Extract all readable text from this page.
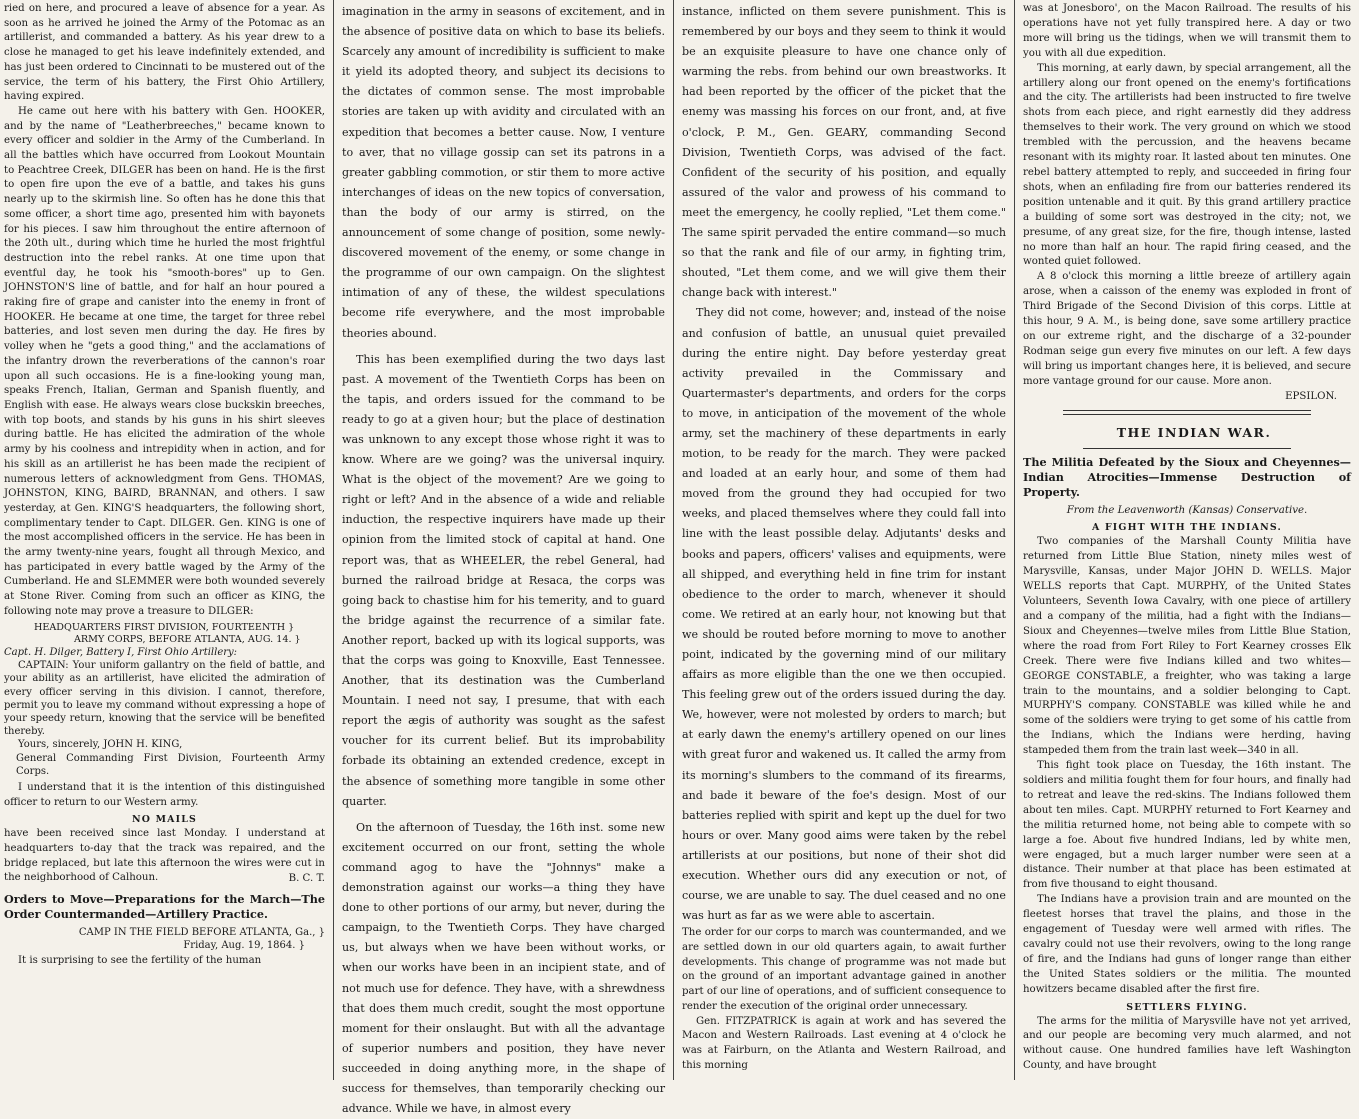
ried on here, and procured a leave of absence for a year. As soon as he arrived he joined the Army of the Potomac as an artillerist, and commanded a battery. As his year drew to a close he managed to get his leave indefinitely extended, and has just been ordered to Cincinnati to be mustered out of the service, the term of his battery, the First Ohio Artillery, having expired.

He came out here with his battery with Gen. HOOKER, and by the name of "Leatherbreeches," became known to every officer and soldier in the Army of the Cumberland. In all the battles which have occurred from Lookout Mountain to Peachtree Creek, DILGER has been on hand. He is the first to open fire upon the eve of a battle, and takes his guns nearly up to the skirmish line. So often has he done this that some officer, a short time ago, presented him with bayonets for his pieces. I saw him throughout the entire afternoon of the 20th ult., during which time he hurled the most frightful destruction into the rebel ranks. At one time upon that eventful day, he took his "smooth-bores" up to Gen. JOHNSTON'S line of battle, and for half an hour poured a raking fire of grape and canister into the enemy in front of HOOKER. He became at one time, the target for three rebel batteries, and lost seven men during the day. He fires by volley when he "gets a good thing," and the acclamations of the infantry drown the reverberations of the cannon's roar upon all such occasions. He is a fine-looking young man, speaks French, Italian, German and Spanish fluently, and English with ease. He always wears close buckskin breeches, with top boots, and stands by his guns in his shirt sleeves during battle. He has elicited the admiration of the whole army by his coolness and intrepidity when in action, and for his skill as an artillerist he has been made the recipient of numerous letters of acknowledgment from Gens. THOMAS, JOHNSTON, KING, BAIRD, BRANNAN, and others. I saw yesterday, at Gen. KING'S headquarters, the following short, complimentary tender to Capt. DILGER. Gen. KING is one of the most accomplished officers in the service. He has been in the army twenty-nine years, fought all through Mexico, and has participated in every battle waged by the Army of the Cumberland. He and SLEMMER were both wounded severely at Stone River. Coming from such an officer as KING, the following note may prove a treasure to DILGER:

HEADQUARTERS FIRST DIVISION, FOURTEENTH }

ARMY CORPS, BEFORE ATLANTA, AUG. 14. }

Capt. H. Dilger, Battery I, First Ohio Artillery:

CAPTAIN: Your uniform gallantry on the field of battle, and your ability as an artillerist, have elicited the admiration of every officer serving in this division. I cannot, therefore, permit you to leave my command without expressing a hope of your speedy return, knowing that the service will be benefited thereby.

Yours, sincerely, JOHN H. KING,

General Commanding First Division, Fourteenth Army Corps.

I understand that it is the intention of this distinguished officer to return to our Western army.

NO MAILS

have been received since last Monday. I understand at headquarters to-day that the track was repaired, and the bridge replaced, but late this afternoon the wires were cut in the neighborhood of Calhoun.	B. C. T.

Orders to Move—Preparations for the March—The Order Countermanded—Artillery Practice.

CAMP IN THE FIELD BEFORE ATLANTA, Ga., }

Friday, Aug. 19, 1864. }

It is surprising to see the fertility of the human

imagination in the army in seasons of excitement, and in the absence of positive data on which to base its beliefs. Scarcely any amount of incredibility is sufficient to make it yield its adopted theory, and subject its decisions to the dictates of common sense. The most improbable stories are taken up with avidity and circulated with an expedition that becomes a better cause. Now, I venture to aver, that no village gossip can set its patrons in a greater gabbling commotion, or stir them to more active interchanges of ideas on the new topics of conversation, than the body of our army is stirred, on the announcement of some change of position, some newly-discovered movement of the enemy, or some change in the programme of our own campaign. On the slightest intimation of any of these, the wildest speculations become rife everywhere, and the most improbable theories abound.

This has been exemplified during the two days last past. A movement of the Twentieth Corps has been on the tapis, and orders issued for the command to be ready to go at a given hour; but the place of destination was unknown to any except those whose right it was to know. Where are we going? was the universal inquiry. What is the object of the movement? Are we going to right or left? And in the absence of a wide and reliable induction, the respective inquirers have made up their opinion from the limited stock of capital at hand. One report was, that as WHEELER, the rebel General, had burned the railroad bridge at Resaca, the corps was going back to chastise him for his temerity, and to guard the bridge against the recurrence of a similar fate. Another report, backed up with its logical supports, was that the corps was going to Knoxville, East Tennessee. Another, that its destination was the Cumberland Mountain. I need not say, I presume, that with each report the ægis of authority was sought as the safest voucher for its current belief. But its improbability forbade its obtaining an extended credence, except in the absence of something more tangible in some other quarter.

On the afternoon of Tuesday, the 16th inst. some new excitement occurred on our front, setting the whole command agog to have the "Johnnys" make a demonstration against our works—a thing they have done to other portions of our army, but never, during the campaign, to the Twentieth Corps. They have charged us, but always when we have been without works, or when our works have been in an incipient state, and of not much use for defence. They have, with a shrewdness that does them much credit, sought the most opportune moment for their onslaught. But with all the advantage of superior numbers and position, they have never succeeded in doing anything more, in the shape of success for themselves, than temporarily checking our advance. While we have, in almost every

instance, inflicted on them severe punishment. This is remembered by our boys and they seem to think it would be an exquisite pleasure to have one chance only of warming the rebs. from behind our own breastworks. It had been reported by the officer of the picket that the enemy was massing his forces on our front, and, at five o'clock, P. M., Gen. GEARY, commanding Second Division, Twentieth Corps, was advised of the fact. Confident of the security of his position, and equally assured of the valor and prowess of his command to meet the emergency, he coolly replied, "Let them come." The same spirit pervaded the entire command—so much so that the rank and file of our army, in fighting trim, shouted, "Let them come, and we will give them their change back with interest."

They did not come, however; and, instead of the noise and confusion of battle, an unusual quiet prevailed during the entire night. Day before yesterday great activity prevailed in the Commissary and Quartermaster's departments, and orders for the corps to move, in anticipation of the movement of the whole army, set the machinery of these departments in early motion, to be ready for the march. They were packed and loaded at an early hour, and some of them had moved from the ground they had occupied for two weeks, and placed themselves where they could fall into line with the least possible delay. Adjutants' desks and books and papers, officers' valises and equipments, were all shipped, and everything held in fine trim for instant obedience to the order to march, whenever it should come. We retired at an early hour, not knowing but that we should be routed before morning to move to another point, indicated by the governing mind of our military affairs as more eligible than the one we then occupied. This feeling grew out of the orders issued during the day. We, however, were not molested by orders to march; but at early dawn the enemy's artillery opened on our lines with great furor and wakened us. It called the army from its morning's slumbers to the command of its firearms, and bade it beware of the foe's design. Most of our batteries replied with spirit and kept up the duel for two hours or over. Many good aims were taken by the rebel artillerists at our positions, but none of their shot did execution. Whether ours did any execution or not, of course, we are unable to say. The duel ceased and no one was hurt as far as we were able to ascertain.

The order for our corps to march was countermanded, and we are settled down in our old quarters again, to await further developments. This change of programme was not made but on the ground of an important advantage gained in another part of our line of operations, and of sufficient consequence to render the execution of the original order unnecessary.

Gen. FITZPATRICK is again at work and has severed the Macon and Western Railroads. Last evening at 4 o'clock he was at Fairburn, on the Atlanta and Western Railroad, and this morning

was at Jonesboro', on the Macon Railroad. The results of his operations have not yet fully transpired here. A day or two more will bring us the tidings, when we will transmit them to you with all due expedition.

This morning, at early dawn, by special arrangement, all the artillery along our front opened on the enemy's fortifications and the city. The artillerists had been instructed to fire twelve shots from each piece, and right earnestly did they address themselves to their work. The very ground on which we stood trembled with the percussion, and the heavens became resonant with its mighty roar. It lasted about ten minutes. One rebel battery attempted to reply, and succeeded in firing four shots, when an enfilading fire from our batteries rendered its position untenable and it quit. By this grand artillery practice a building of some sort was destroyed in the city; not, we presume, of any great size, for the fire, though intense, lasted no more than half an hour. The rapid firing ceased, and the wonted quiet followed.

A 8 o'clock this morning a little breeze of artillery again arose, when a caisson of the enemy was exploded in front of Third Brigade of the Second Division of this corps. Little at this hour, 9 A. M., is being done, save some artillery practice on our extreme right, and the discharge of a 32-pounder Rodman seige gun every five minutes on our left. A few days will bring us important changes here, it is believed, and secure more vantage ground for our cause. More anon.

EPSILON.

THE INDIAN WAR.

The Militia Defeated by the Sioux and Cheyennes—Indian Atrocities—Immense Destruction of Property.

From the Leavenworth (Kansas) Conservative.

A FIGHT WITH THE INDIANS.

Two companies of the Marshall County Militia have returned from Little Blue Station, ninety miles west of Marysville, Kansas, under Major JOHN D. WELLS. Major WELLS reports that Capt. MURPHY, of the United States Volunteers, Seventh Iowa Cavalry, with one piece of artillery and a company of the militia, had a fight with the Indians—Sioux and Cheyennes—twelve miles from Little Blue Station, where the road from Fort Riley to Fort Kearney crosses Elk Creek. There were five Indians killed and two whites—GEORGE CONSTABLE, a freighter, who was taking a large train to the mountains, and a soldier belonging to Capt. MURPHY'S company. CONSTABLE was killed while he and some of the soldiers were trying to get some of his cattle from the Indians, which the Indians were herding, having stampeded them from the train last week—340 in all.

This fight took place on Tuesday, the 16th instant. The soldiers and militia fought them for four hours, and finally had to retreat and leave the red-skins. The Indians followed them about ten miles. Capt. MURPHY returned to Fort Kearney and the militia returned home, not being able to compete with so large a foe. About five hundred Indians, led by white men, were engaged, but a much larger number were seen at a distance. Their number at that place has been estimated at from five thousand to eight thousand.

The Indians have a provision train and are mounted on the fleetest horses that travel the plains, and those in the engagement of Tuesday were well armed with rifles. The cavalry could not use their revolvers, owing to the long range of fire, and the Indians had guns of longer range than either the United States soldiers or the militia. The mounted howitzers became disabled after the first fire.

SETTLERS FLYING.

The arms for the militia of Marysville have not yet arrived, and our people are becoming very much alarmed, and not without cause. One hundred families have left Washington County, and have brought
